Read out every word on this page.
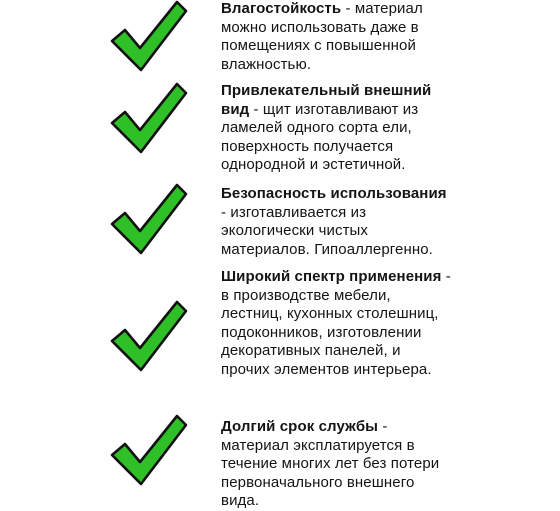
Влагостойкость - материал можно использовать даже в помещениях с повышенной влажностью.

Привлекательный внешний вид - щит изготавливают из ламелей одного сорта ели, поверхность получается однородной и эстетичной.

Безопасность использования - изготавливается из экологически чистых материалов. Гипоаллергенно.

Широкий спектр применения - в производстве мебели, лестниц, кухонных столешниц, подоконников, изготовлении декоративных панелей, и прочих элементов интерьера.

Долгий срок службы - материал эксплатируется в течение многих лет без потери первоначального внешнего вида.
